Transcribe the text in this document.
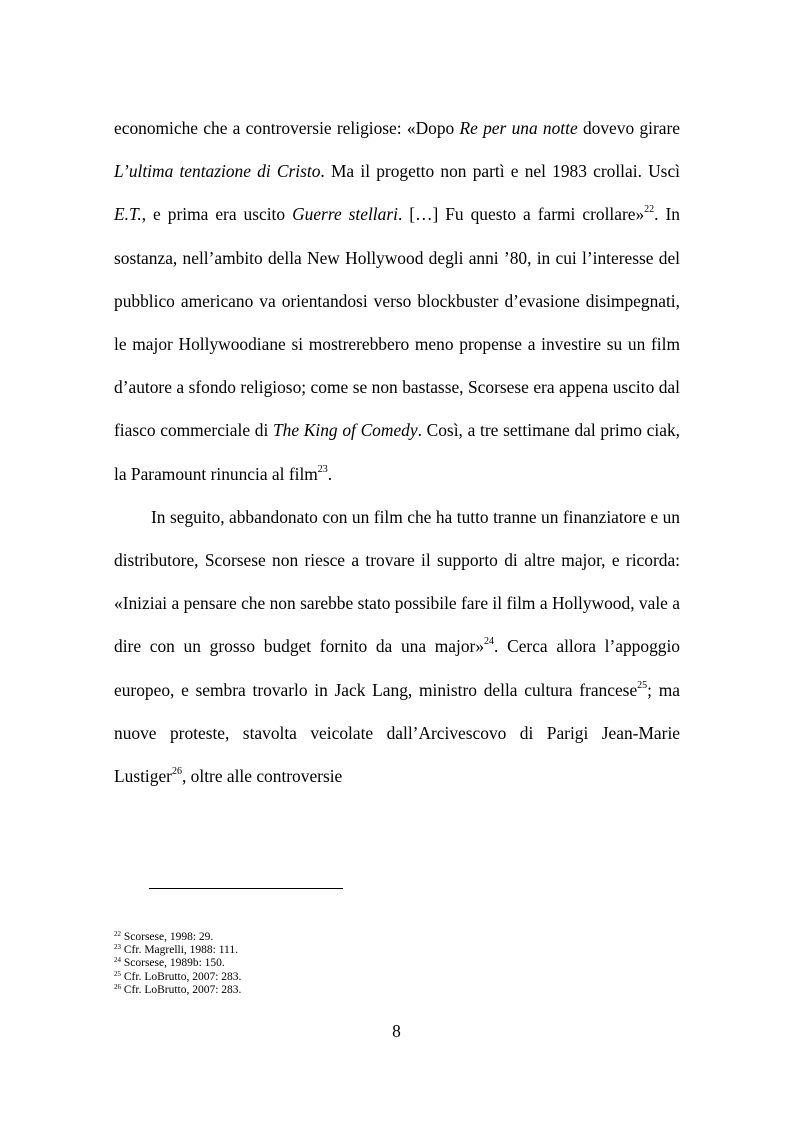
economiche che a controversie religiose: «Dopo Re per una notte dovevo girare L’ultima tentazione di Cristo. Ma il progetto non partì e nel 1983 crollai. Uscì E.T., e prima era uscito Guerre stellari. […] Fu questo a farmi crollare»$^{22}$. In sostanza, nell’ambito della New Hollywood degli anni ’80, in cui l’interesse del pubblico americano va orientandosi verso blockbuster d’evasione disimpegnati, le major Hollywoodiane si mostrerebbero meno propense a investire su un film d’autore a sfondo religioso; come se non bastasse, Scorsese era appena uscito dal fiasco commerciale di The King of Comedy. Così, a tre settimane dal primo ciak, la Paramount rinuncia al film$^{23}$.

In seguito, abbandonato con un film che ha tutto tranne un finanziatore e un distributore, Scorsese non riesce a trovare il supporto di altre major, e ricorda: «Iniziai a pensare che non sarebbe stato possibile fare il film a Hollywood, vale a dire con un grosso budget fornito da una major»$^{24}$. Cerca allora l’appoggio europeo, e sembra trovarlo in Jack Lang, ministro della cultura francese$^{25}$; ma nuove proteste, stavolta veicolate dall’Arcivescovo di Parigi Jean-Marie Lustiger$^{26}$, oltre alle controversie

$^{22}$ Scorsese, 1998: 29.
$^{23}$ Cfr. Magrelli, 1988: 111.
$^{24}$ Scorsese, 1989b: 150.
$^{25}$ Cfr. LoBrutto, 2007: 283.
$^{26}$ Cfr. LoBrutto, 2007: 283.
8
